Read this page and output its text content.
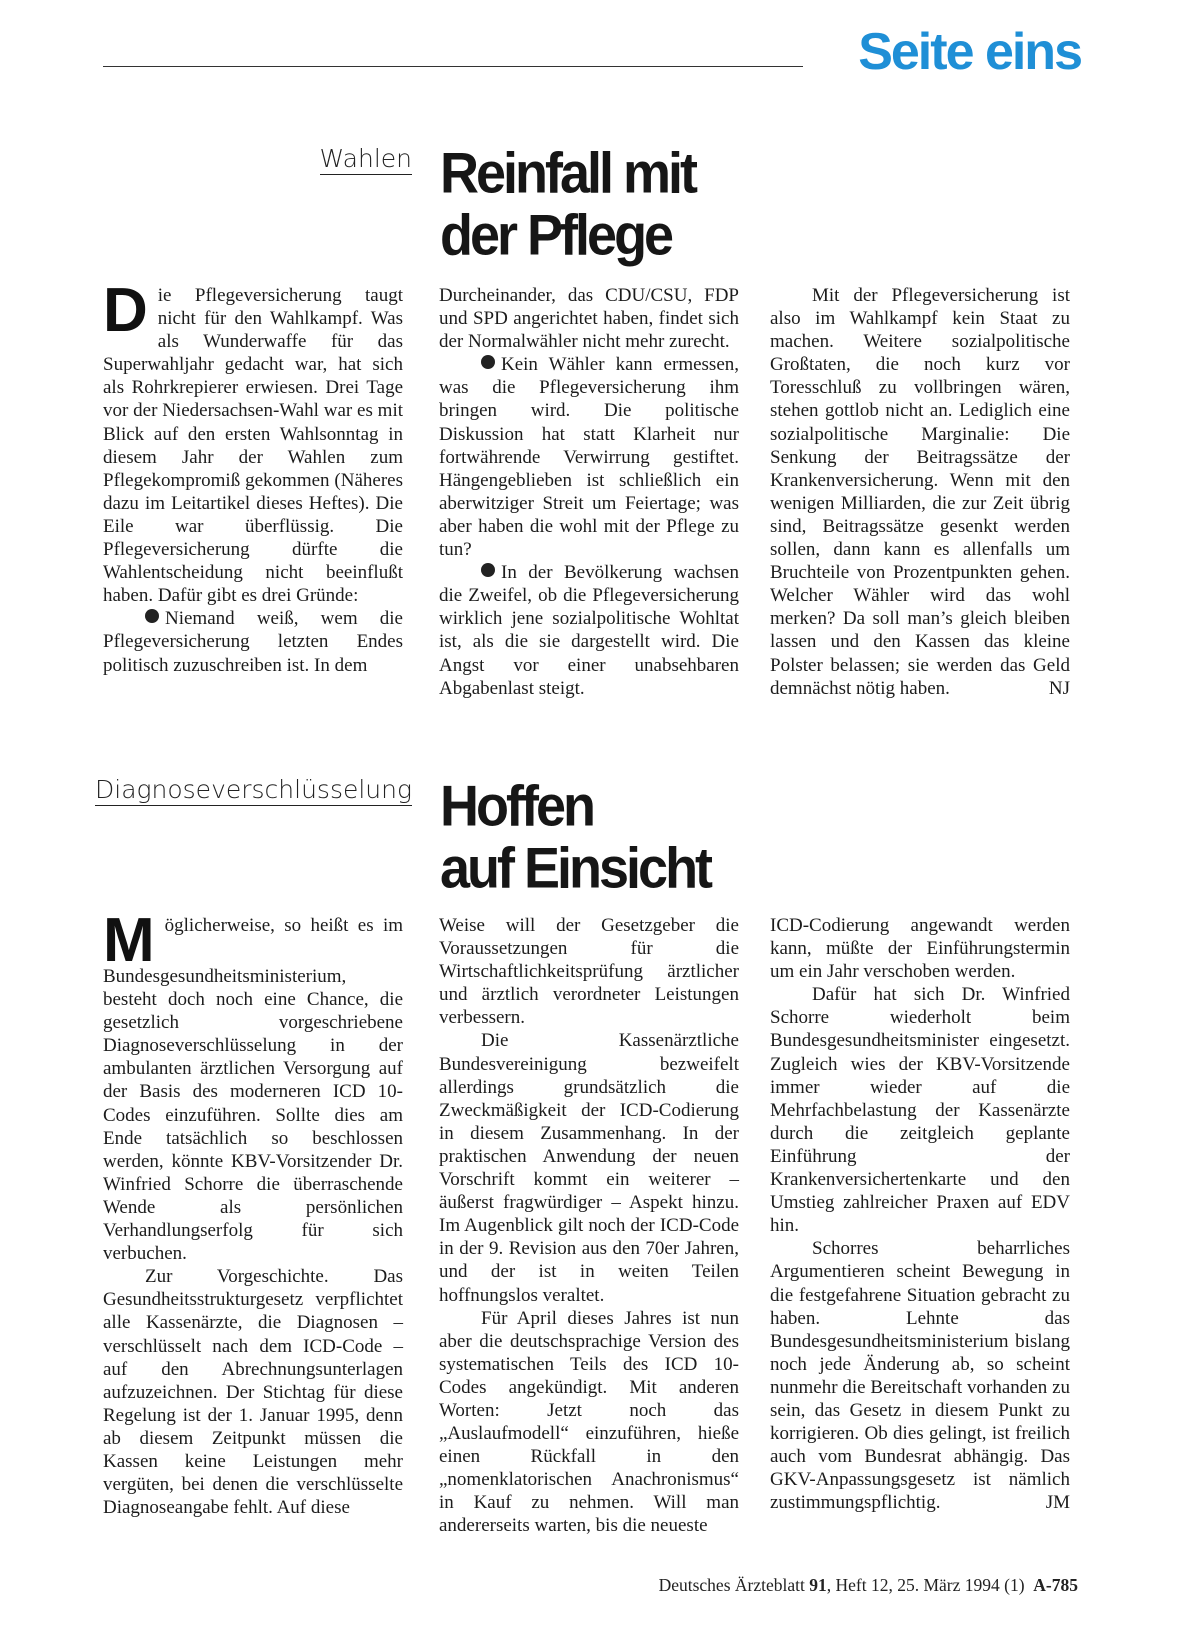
Seite eins
Wahlen Reinfall mit
der Pflege

Die Pflegeversicherung taugt nicht für den Wahlkampf. Was als Wunderwaffe für das Superwahljahr gedacht war, hat sich als Rohrkrepierer erwiesen. Drei Tage vor der Niedersachsen-Wahl war es mit Blick auf den ersten Wahlsonntag in diesem Jahr der Wahlen zum Pflegekompromiß gekommen (Näheres dazu im Leitartikel dieses Heftes). Die Eile war überflüssig. Die Pflegeversicherung dürfte die Wahlentscheidung nicht beeinflußt haben. Dafür gibt es drei Gründe:

Niemand weiß, wem die Pflegeversicherung letzten Endes politisch zuzuschreiben ist. In dem

Durcheinander, das CDU/CSU, FDP und SPD angerichtet haben, findet sich der Normalwähler nicht mehr zurecht.

Kein Wähler kann ermessen, was die Pflegeversicherung ihm bringen wird. Die politische Diskussion hat statt Klarheit nur fortwährende Verwirrung gestiftet. Hängengeblieben ist schließlich ein aberwitziger Streit um Feiertage; was aber haben die wohl mit der Pflege zu tun?

In der Bevölkerung wachsen die Zweifel, ob die Pflegeversicherung wirklich jene sozialpolitische Wohltat ist, als die sie dargestellt wird. Die Angst vor einer unabsehbaren Abgabenlast steigt.

Mit der Pflegeversicherung ist also im Wahlkampf kein Staat zu machen. Weitere sozialpolitische Großtaten, die noch kurz vor Toresschluß zu vollbringen wären, stehen gottlob nicht an. Lediglich eine sozialpolitische Marginalie: Die Senkung der Beitragssätze der Krankenversicherung. Wenn mit den wenigen Milliarden, die zur Zeit übrig sind, Beitragssätze gesenkt werden sollen, dann kann es allenfalls um Bruchteile von Prozentpunkten gehen. Welcher Wähler wird das wohl merken? Da soll man’s gleich bleiben lassen und den Kassen das kleine Polster belassen; sie werden das Geld demnächst nötig haben.	NJ

Diagnoseverschlüsselung Hoffen
auf Einsicht

Möglicherweise, so heißt es im Bundesgesundheitsministerium, besteht doch noch eine Chance, die gesetzlich vorgeschriebene Diagnoseverschlüsselung in der ambulanten ärztlichen Versorgung auf der Basis des moderneren ICD 10-Codes einzuführen. Sollte dies am Ende tatsächlich so beschlossen werden, könnte KBV-Vorsitzender Dr. Winfried Schorre die überraschende Wende als persönlichen Verhandlungserfolg für sich verbuchen.

Zur Vorgeschichte. Das Gesundheitsstrukturgesetz verpflichtet alle Kassenärzte, die Diagnosen – verschlüsselt nach dem ICD-Code – auf den Abrechnungsunterlagen aufzuzeichnen. Der Stichtag für diese Regelung ist der 1. Januar 1995, denn ab diesem Zeitpunkt müssen die Kassen keine Leistungen mehr vergüten, bei denen die verschlüsselte Diagnoseangabe fehlt. Auf diese

Weise will der Gesetzgeber die Voraussetzungen für die Wirtschaftlichkeitsprüfung ärztlicher und ärztlich verordneter Leistungen verbessern.

Die Kassenärztliche Bundesvereinigung bezweifelt allerdings grundsätzlich die Zweckmäßigkeit der ICD-Codierung in diesem Zusammenhang. In der praktischen Anwendung der neuen Vorschrift kommt ein weiterer – äußerst fragwürdiger – Aspekt hinzu. Im Augenblick gilt noch der ICD-Code in der 9. Revision aus den 70er Jahren, und der ist in weiten Teilen hoffnungslos veraltet.

Für April dieses Jahres ist nun aber die deutschsprachige Version des systematischen Teils des ICD 10-Codes angekündigt. Mit anderen Worten: Jetzt noch das „Auslaufmodell“ einzuführen, hieße einen Rückfall in den „nomenklatorischen Anachronismus“ in Kauf zu nehmen. Will man andererseits warten, bis die neueste

ICD-Codierung angewandt werden kann, müßte der Einführungstermin um ein Jahr verschoben werden.

Dafür hat sich Dr. Winfried Schorre wiederholt beim Bundesgesundheitsminister eingesetzt. Zugleich wies der KBV-Vorsitzende immer wieder auf die Mehrfachbelastung der Kassenärzte durch die zeitgleich geplante Einführung der Krankenversichertenkarte und den Umstieg zahlreicher Praxen auf EDV hin.

Schorres beharrliches Argumentieren scheint Bewegung in die festgefahrene Situation gebracht zu haben. Lehnte das Bundesgesundheitsministerium bislang noch jede Änderung ab, so scheint nunmehr die Bereitschaft vorhanden zu sein, das Gesetz in diesem Punkt zu korrigieren. Ob dies gelingt, ist freilich auch vom Bundesrat abhängig. Das GKV-Anpassungsgesetz ist nämlich zustimmungspflichtig.	JM

Deutsches Ärzteblatt 91, Heft 12, 25. März 1994 (1) A-785
